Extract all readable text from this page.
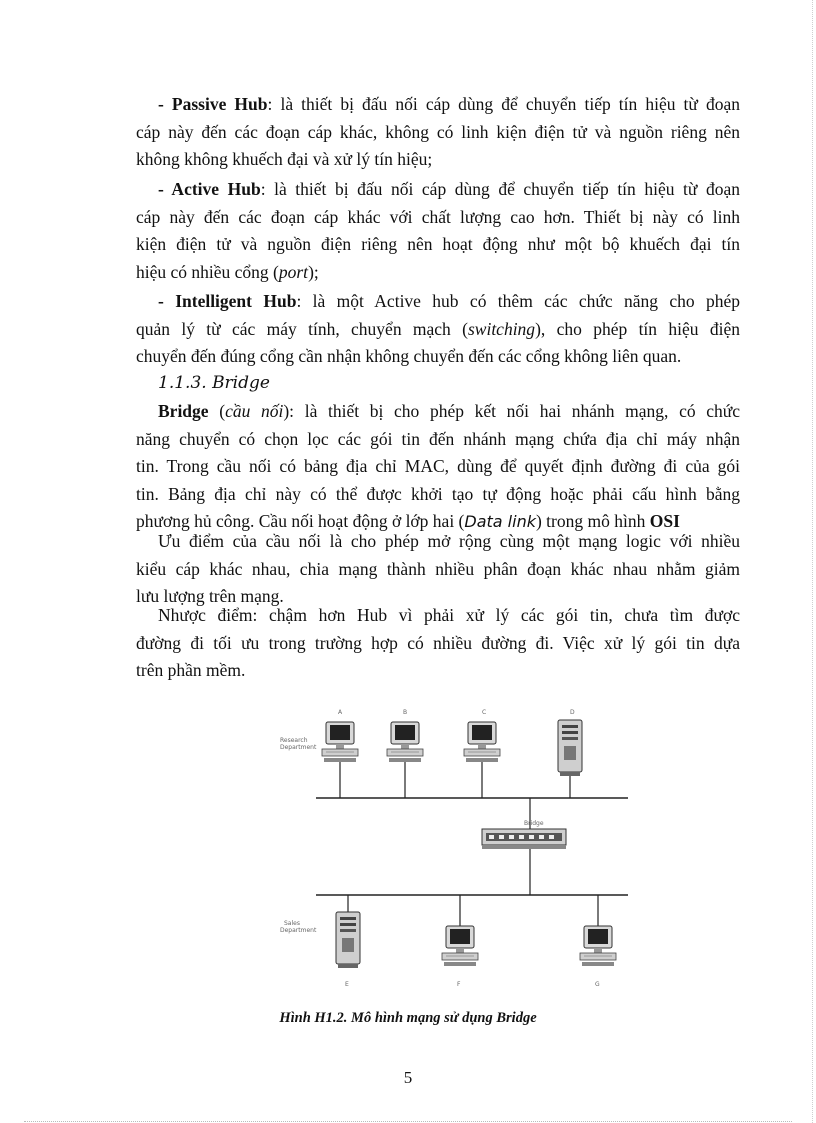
- Passive Hub: là thiết bị đấu nối cáp dùng để chuyển tiếp tín hiệu từ đoạn
cáp này đến các đoạn cáp khác, không có linh kiện điện tử và nguồn riêng nên
không không khuếch đại và xử lý tín hiệu;
- Active Hub: là thiết bị đấu nối cáp dùng để chuyển tiếp tín hiệu từ đoạn
cáp này đến các đoạn cáp khác với chất lượng cao hơn. Thiết bị này có linh
kiện điện tử và nguồn điện riêng nên hoạt động như một bộ khuếch đại tín
hiệu có nhiều cổng (port);
- Intelligent Hub: là một Active hub có thêm các chức năng cho phép
quản lý từ các máy tính, chuyển mạch (switching), cho phép tín hiệu điện
chuyển đến đúng cổng cần nhận không chuyển đến các cổng không liên quan.
1.1.3. Bridge
Bridge (cầu nối): là thiết bị cho phép kết nối hai nhánh mạng, có chức
năng chuyển có chọn lọc các gói tin đến nhánh mạng chứa địa chỉ máy nhận
tin. Trong cầu nối có bảng địa chỉ MAC, dùng để quyết định đường đi của gói
tin. Bảng địa chỉ này có thể được khởi tạo tự động hoặc phải cấu hình bằng
phương hủ công. Cầu nối hoạt động ở lớp hai (Data link) trong mô hình OSI
Ưu điểm của cầu nối là cho phép mở rộng cùng một mạng logic với nhiều
kiểu cáp khác nhau, chia mạng thành nhiều phân đoạn khác nhau nhằm giảm
lưu lượng trên mạng.
Nhược điểm: chậm hơn Hub vì phải xử lý các gói tin, chưa tìm được
đường đi tối ưu trong trường hợp có nhiều đường đi. Việc xử lý gói tin dựa
trên phần mềm.
Research
Department
A	B	C	D
Bridge
Sales
Department
E	F	G
Hình H1.2. Mô hình mạng sử dụng Bridge
5
